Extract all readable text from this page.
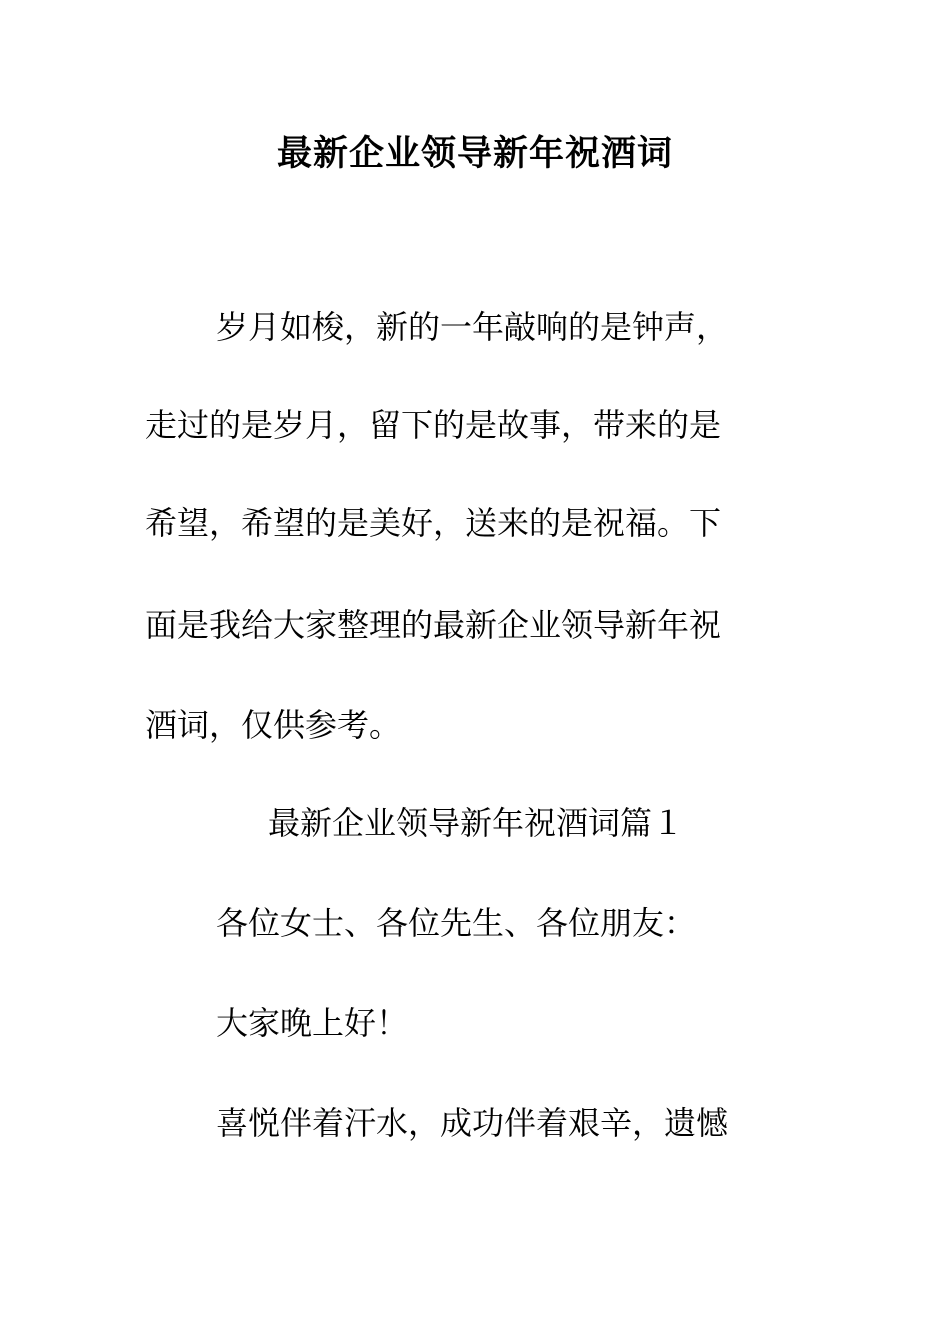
最新企业领导新年祝酒词
岁月如梭，新的一年敲响的是钟声，
走过的是岁月，留下的是故事，带来的是
希望，希望的是美好，送来的是祝福。下
面是我给大家整理的最新企业领导新年祝
酒词，仅供参考。
最新企业领导新年祝酒词篇１
各位女士、各位先生、各位朋友：
大家晚上好！
喜悦伴着汗水，成功伴着艰辛，遗憾
